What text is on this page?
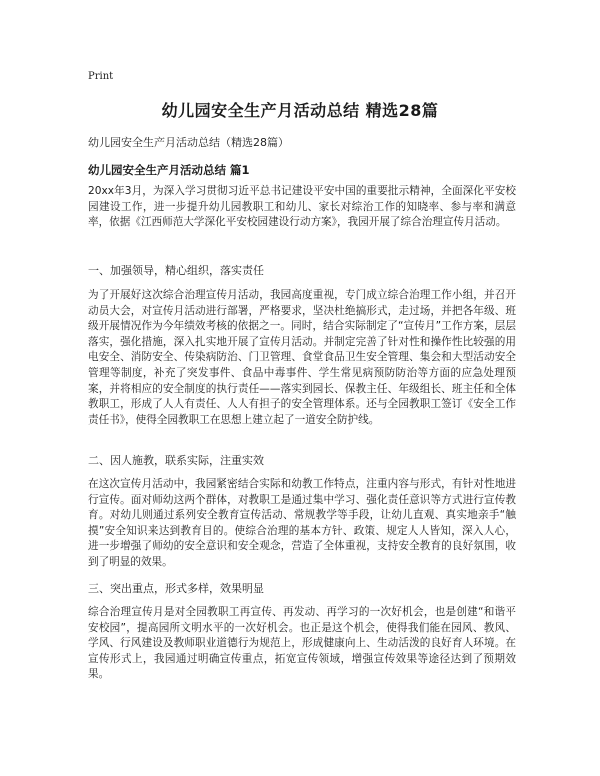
Print
幼儿园安全生产月活动总结 精选28篇
幼儿园安全生产月活动总结（精选28篇）
幼儿园安全生产月活动总结 篇1

20xx年3月，为深入学习贯彻习近平总书记建设平安中国的重要批示精神，全面深化平安校园建设工作，进一步提升幼儿园教职工和幼儿、家长对综治工作的知晓率、参与率和满意率，依据《江西师范大学深化平安校园建设行动方案》，我园开展了综合治理宣传月活动。

一、加强领导，精心组织，落实责任

为了开展好这次综合治理宣传月活动，我园高度重视，专门成立综合治理工作小组，并召开动员大会，对宣传月活动进行部署，严格要求，坚决杜绝搞形式，走过场，并把各年级、班级开展情况作为今年绩效考核的依据之一。同时，结合实际制定了“宣传月”工作方案，层层落实，强化措施，深入扎实地开展了宣传月活动。并制定完善了针对性和操作性比较强的用电安全、消防安全、传染病防治、门卫管理、食堂食品卫生安全管理、集会和大型活动安全管理等制度，补充了突发事件、食品中毒事件、学生常见病预防防治等方面的应急处理预案，并将相应的安全制度的执行责任——落实到园长、保教主任、年级组长、班主任和全体教职工，形成了人人有责任、人人有担子的安全管理体系。还与全园教职工签订《安全工作责任书》，使得全园教职工在思想上建立起了一道安全防护线。

二、因人施教，联系实际，注重实效

在这次宣传月活动中，我园紧密结合实际和幼教工作特点，注重内容与形式，有针对性地进行宣传。面对师幼这两个群体，对教职工是通过集中学习、强化责任意识等方式进行宣传教育。对幼儿则通过系列安全教育宣传活动、常规教学等手段，让幼儿直观、真实地亲手“触摸”安全知识来达到教育目的。使综合治理的基本方针、政策、规定人人皆知，深入人心，进一步增强了师幼的安全意识和安全观念，营造了全体重视，支持安全教育的良好氛围，收到了明显的效果。

三、突出重点，形式多样，效果明显

综合治理宣传月是对全园教职工再宣传、再发动、再学习的一次好机会，也是创建“和谐平安校园”，提高园所文明水平的一次好机会。也正是这个机会，使得我们能在园风、教风、学风、行风建设及教师职业道德行为规范上，形成健康向上、生动活泼的良好育人环境。在宣传形式上，我园通过明确宣传重点，拓宽宣传领域，增强宣传效果等途径达到了预期效果。
